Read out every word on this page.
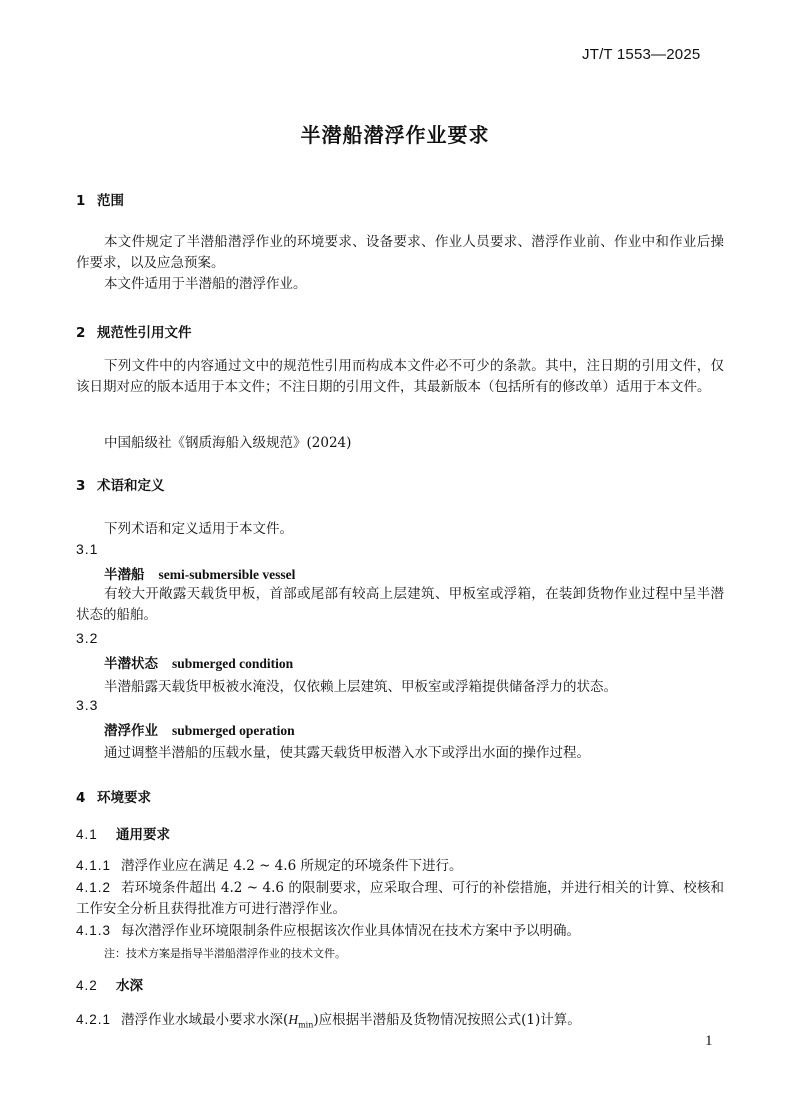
JT/T 1553—2025
半潜船潜浮作业要求
1 范围
本文件规定了半潜船潜浮作业的环境要求、设备要求、作业人员要求、潜浮作业前、作业中和作业后操作要求，以及应急预案。
本文件适用于半潜船的潜浮作业。
2 规范性引用文件
下列文件中的内容通过文中的规范性引用而构成本文件必不可少的条款。其中，注日期的引用文件，仅该日期对应的版本适用于本文件；不注日期的引用文件，其最新版本（包括所有的修改单）适用于本文件。
中国船级社《钢质海船入级规范》(2024)
3 术语和定义
下列术语和定义适用于本文件。
3.1
半潜船 semi-submersible vessel
有较大开敞露天载货甲板，首部或尾部有较高上层建筑、甲板室或浮箱，在装卸货物作业过程中呈半潜状态的船舶。
3.2
半潜状态 submerged condition
半潜船露天载货甲板被水淹没，仅依赖上层建筑、甲板室或浮箱提供储备浮力的状态。
3.3
潜浮作业 submerged operation
通过调整半潜船的压载水量，使其露天载货甲板潜入水下或浮出水面的操作过程。
4 环境要求
4.1 通用要求
4.1.1 潜浮作业应在满足 4.2 ~ 4.6 所规定的环境条件下进行。
4.1.2 若环境条件超出 4.2 ~ 4.6 的限制要求，应采取合理、可行的补偿措施，并进行相关的计算、校核和工作安全分析且获得批准方可进行潜浮作业。
4.1.3 每次潜浮作业环境限制条件应根据该次作业具体情况在技术方案中予以明确。
注：技术方案是指导半潜船潜浮作业的技术文件。
4.2 水深
4.2.1 潜浮作业水域最小要求水深$(H_{min})$应根据半潜船及货物情况按照公式(1)计算。
1
